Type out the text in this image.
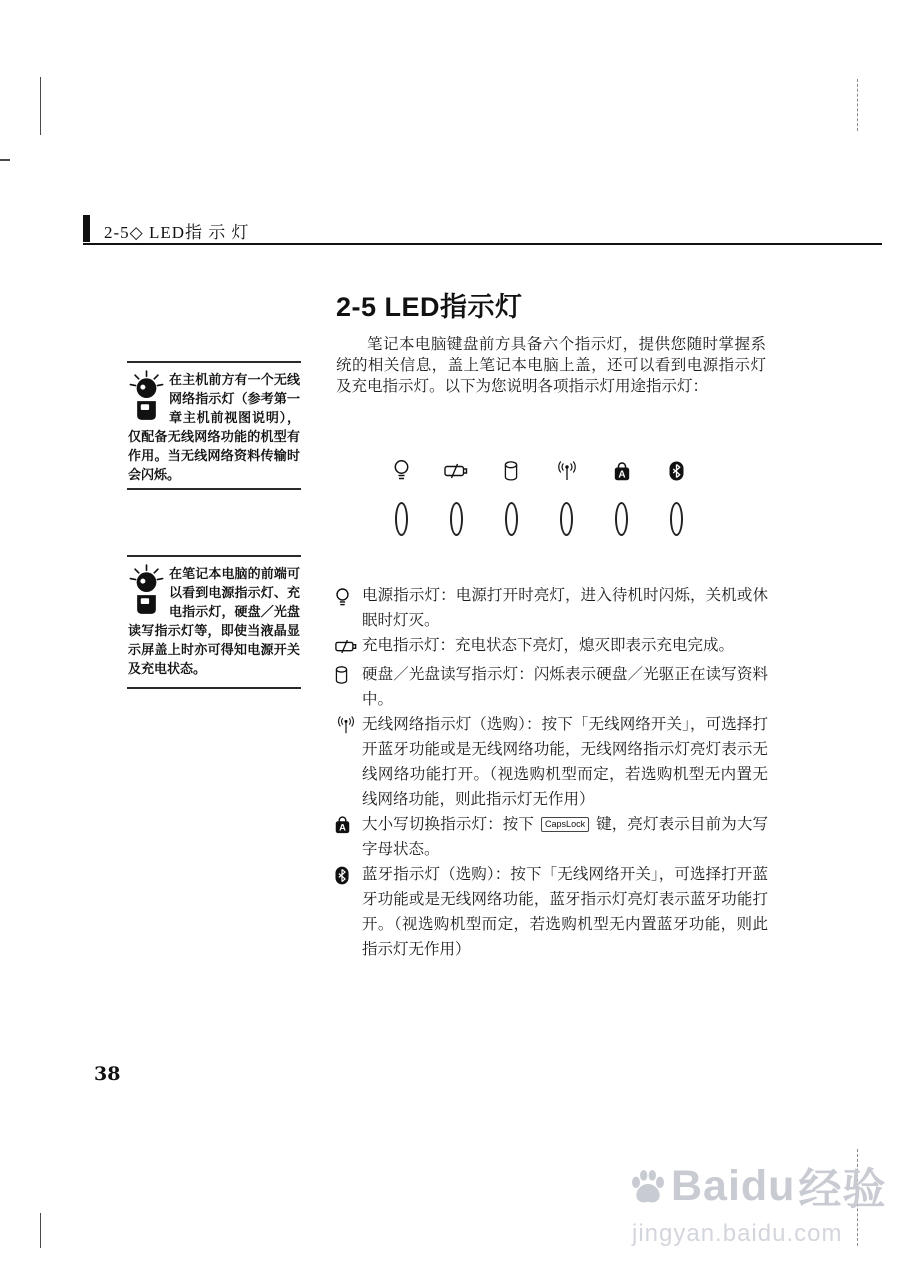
2-5◇ LED指 示 灯
在主机前方有一个无线网络指示灯（参考第一章主机前视图说明），仅配备无线网络功能的机型有作用。当无线网络资料传输时会闪烁。
在笔记本电脑的前端可以看到电源指示灯、充电指示灯，硬盘／光盘读写指示灯等，即使当液晶显示屏盖上时亦可得知电源开关及充电状态。
2-5 LED指示灯

笔记本电脑键盘前方具备六个指示灯，提供您随时掌握系统的相关信息，盖上笔记本电脑上盖，还可以看到电源指示灯及充电指示灯。以下为您说明各项指示灯用途指示灯：

A
电源指示灯：电源打开时亮灯，进入待机时闪烁，关机或休眠时灯灭。
充电指示灯：充电状态下亮灯，熄灭即表示充电完成。
硬盘／光盘读写指示灯：闪烁表示硬盘／光驱正在读写资料中。
无线网络指示灯（选购）：按下「无线网络开关」，可选择打开蓝牙功能或是无线网络功能，无线网络指示灯亮灯表示无线网络功能打开。（视选购机型而定，若选购机型无内置无线网络功能，则此指示灯无作用）
A 大小写切换指示灯：按下 CapsLock 键，亮灯表示目前为大写字母状态。
蓝牙指示灯（选购）：按下「无线网络开关」，可选择打开蓝牙功能或是无线网络功能，蓝牙指示灯亮灯表示蓝牙功能打开。（视选购机型而定，若选购机型无内置蓝牙功能，则此指示灯无作用）
38
Baidu 经验
jingyan.baidu.com
